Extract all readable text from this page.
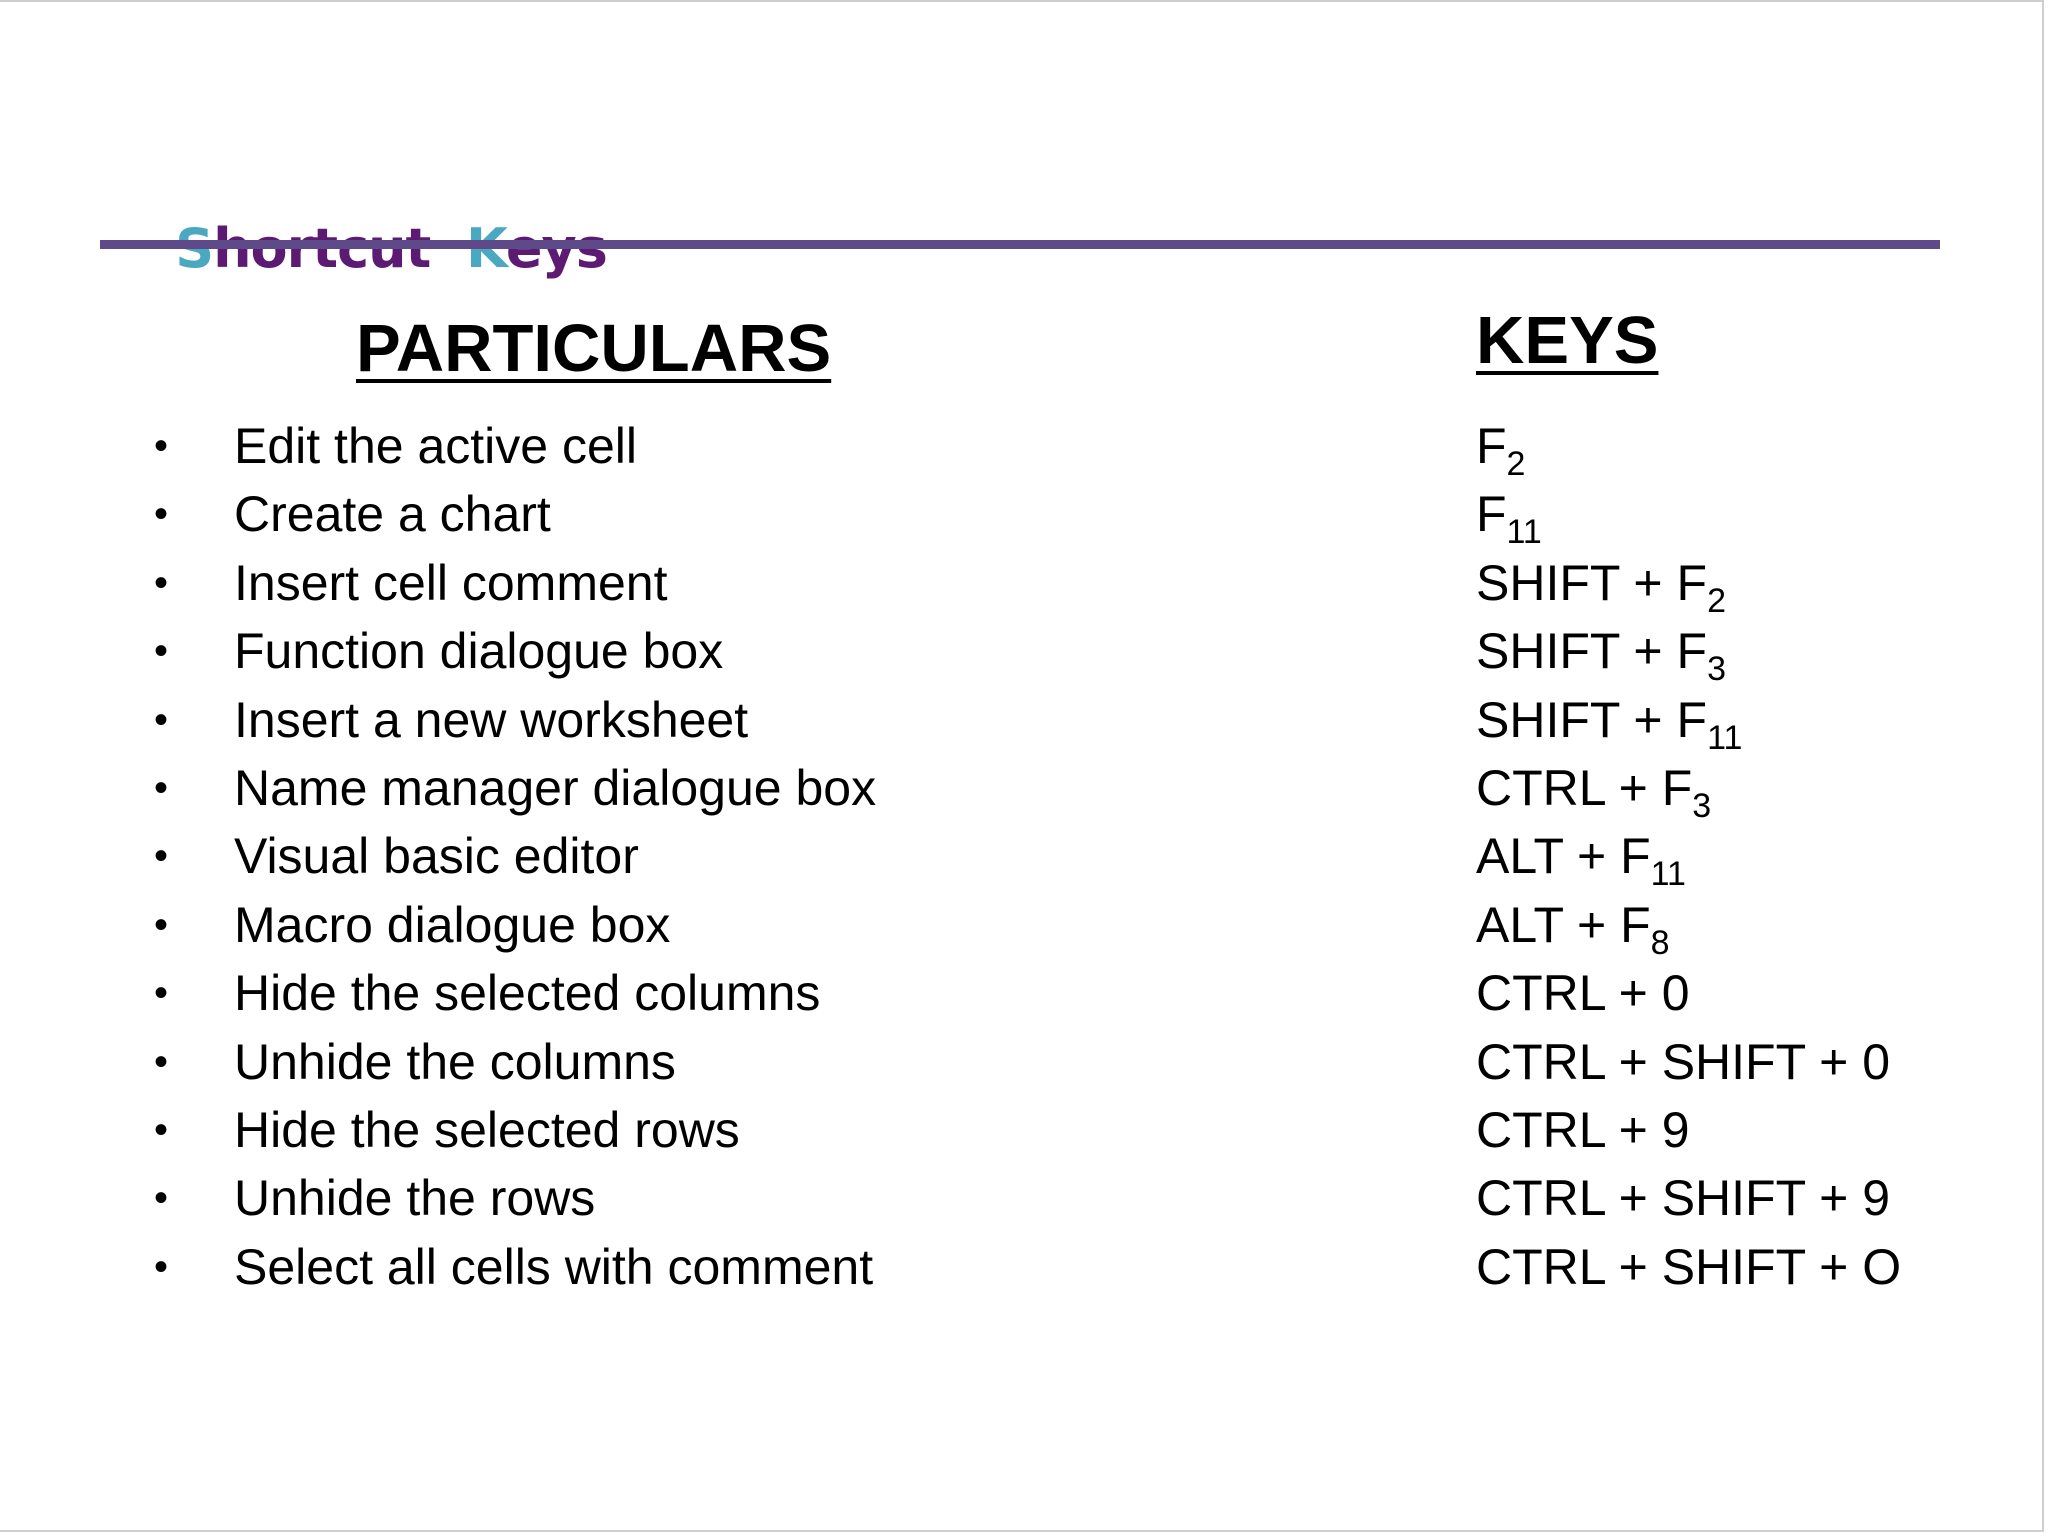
PARTICULARS	KEYS
• Edit the active cell	$F_2$
• Create a chart	$F_{11}$
• Insert cell comment	SHIFT + $F_2$
• Function dialogue box	SHIFT + $F_3$
• Insert a new worksheet	SHIFT + $F_{11}$
• Name manager dialogue box	CTRL + $F_3$
• Visual basic editor	ALT + $F_{11}$
• Macro dialogue box	ALT + $F_8$
• Hide the selected columns	CTRL + 0
• Unhide the columns	CTRL + SHIFT + 0
• Hide the selected rows	CTRL + 9
• Unhide the rows	CTRL + SHIFT + 9
• Select all cells with comment	CTRL + SHIFT + O
